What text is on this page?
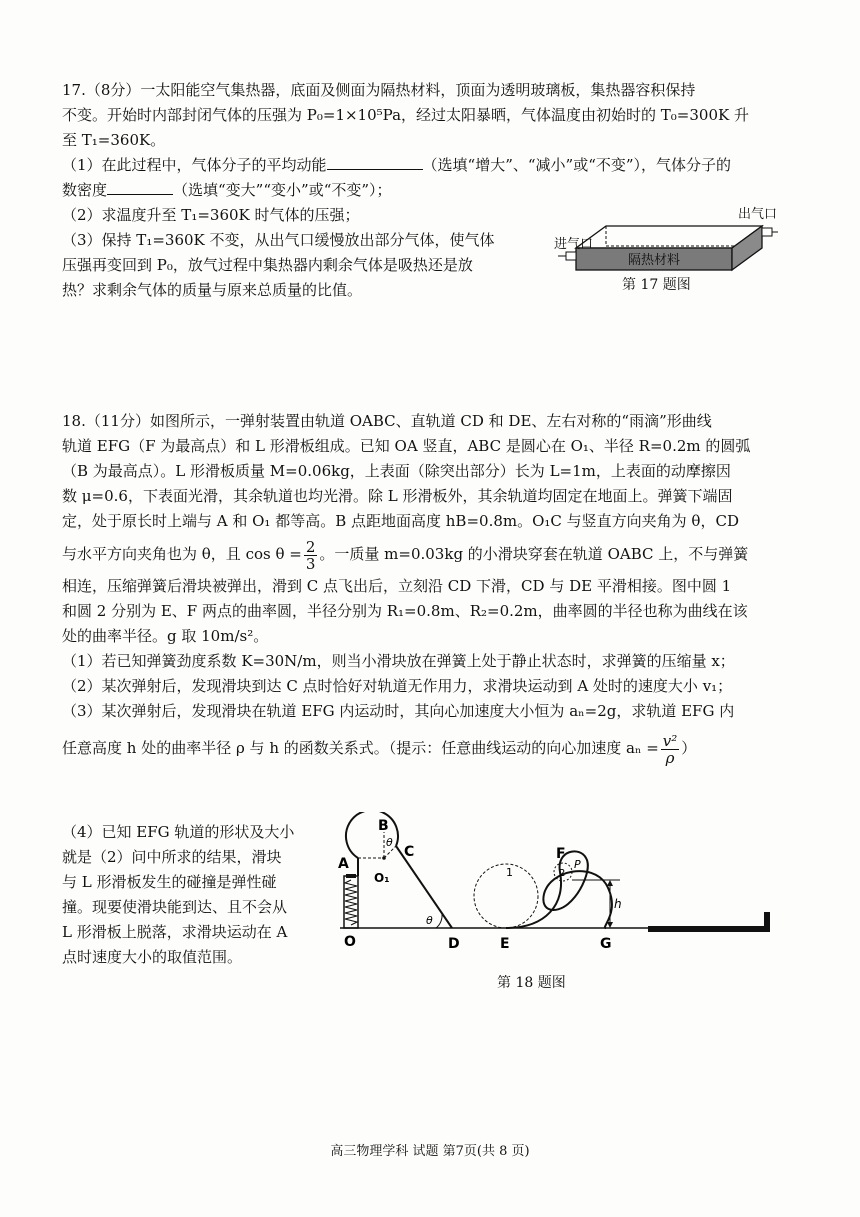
17.（8分）一太阳能空气集热器，底面及侧面为隔热材料，顶面为透明玻璃板，集热器容积保持
不变。开始时内部封闭气体的压强为 P₀=1×10⁵Pa，经过太阳暴晒，气体温度由初始时的 T₀=300K 升
至 T₁=360K。
（1）在此过程中，气体分子的平均动能	（选填“增大”、“减小”或“不变”），气体分子的
数密度	（选填“变大”“变小”或“不变”）；
（2）求温度升至 T₁=360K 时气体的压强；
（3）保持 T₁=360K 不变，从出气口缓慢放出部分气体，使气体
压强再变回到 P₀，放气过程中集热器内剩余气体是吸热还是放
热？求剩余气体的质量与原来总质量的比值。
隔热材料
进气口
出气口
第 17 题图
18.（11分）如图所示，一弹射装置由轨道 OABC、直轨道 CD 和 DE、左右对称的“雨滴”形曲线
轨道 EFG（F 为最高点）和 L 形滑板组成。已知 OA 竖直，ABC 是圆心在 O₁、半径 R=0.2m 的圆弧
（B 为最高点）。L 形滑板质量 M=0.06kg，上表面（除突出部分）长为 L=1m，上表面的动摩擦因
数 μ=0.6，下表面光滑，其余轨道也均光滑。除 L 形滑板外，其余轨道均固定在地面上。弹簧下端固
定，处于原长时上端与 A 和 O₁ 都等高。B 点距地面高度 hB=0.8m。O₁C 与竖直方向夹角为 θ，CD
与水平方向夹角也为 θ，且 $\cos \theta = \frac{2}{3}$ 。一质量 m=0.03kg 的小滑块穿套在轨道 OABC 上，不与弹簧
相连，压缩弹簧后滑块被弹出，滑到 C 点飞出后，立刻沿 CD 下滑，CD 与 DE 平滑相接。图中圆 1
和圆 2 分别为 E、F 两点的曲率圆，半径分别为 R₁=0.8m、R₂=0.2m，曲率圆的半径也称为曲线在该
处的曲率半径。g 取 10m/s²。
（1）若已知弹簧劲度系数 K=30N/m，则当小滑块放在弹簧上处于静止状态时，求弹簧的压缩量 x；
（2）某次弹射后，发现滑块到达 C 点时恰好对轨道无作用力，求滑块运动到 A 处时的速度大小 v₁；
（3）某次弹射后，发现滑块在轨道 EFG 内运动时，其向心加速度大小恒为 aₙ=2g，求轨道 EFG 内
任意高度 h 处的曲率半径 ρ 与 h 的函数关系式。（提示：任意曲线运动的向心加速度 $a_n = \frac{\text{v²}}{\rho}$ ）
（4）已知 EFG 轨道的形状及大小
就是（2）问中所求的结果，滑块
与 L 形滑板发生的碰撞是弹性碰
撞。现要使滑块能到达、且不会从
L 形滑板上脱落，求滑块运动在 A
点时速度大小的取值范围。
B
A
C
O₁
θ
θ
O	D	E	G
F
P
h
1	2
第 18 题图
高三物理学科 试题 第7页(共 8 页)
